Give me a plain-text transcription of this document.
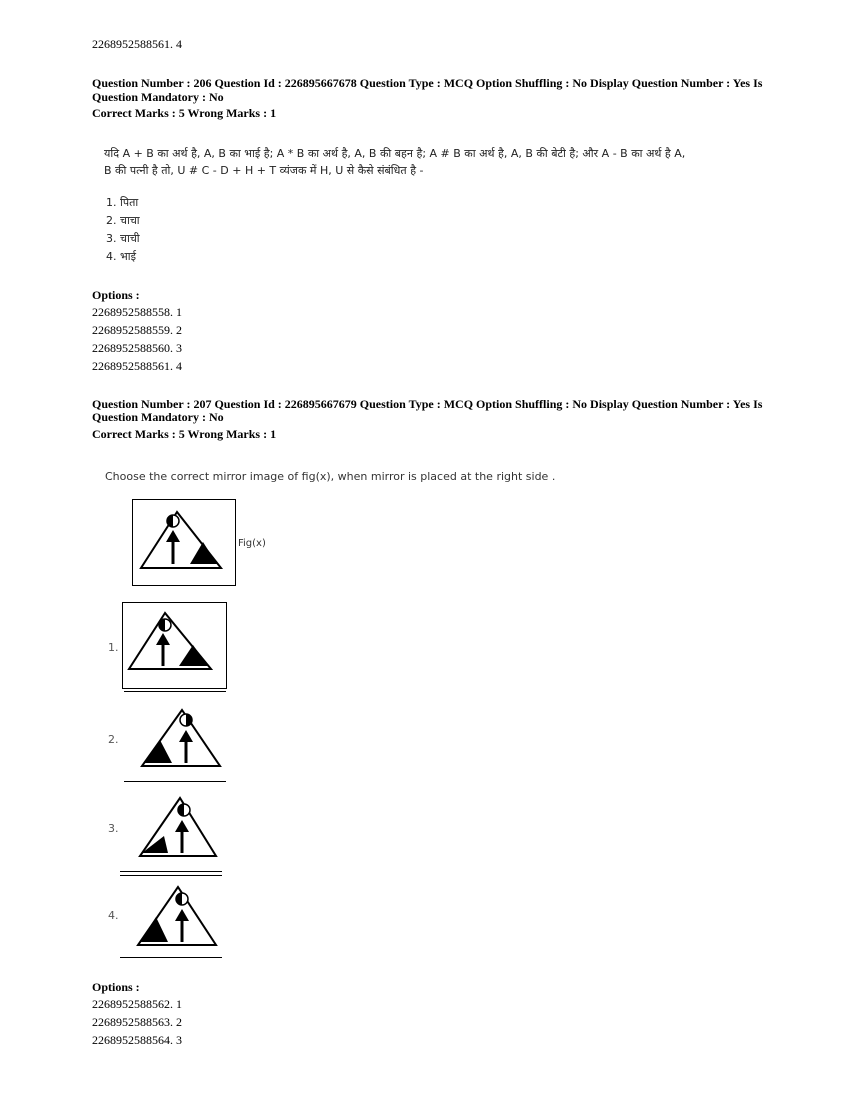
2268952588561. 4
Question Number : 206 Question Id : 226895667678 Question Type : MCQ Option Shuffling : No Display Question Number : Yes Is
Question Mandatory : No
Correct Marks : 5 Wrong Marks : 1
यदि A + B का अर्थ है, A, B का भाई है; A * B का अर्थ है, A, B की बहन है; A # B का अर्थ है, A, B की बेटी है; और A - B का अर्थ है A,
B की पत्नी है तो, U # C - D + H + T व्यंजक में H, U से कैसे संबंधित है -
1. पिता
2. चाचा
3. चाची
4. भाई
Options :
2268952588558. 1
2268952588559. 2
2268952588560. 3
2268952588561. 4
Question Number : 207 Question Id : 226895667679 Question Type : MCQ Option Shuffling : No Display Question Number : Yes Is
Question Mandatory : No
Correct Marks : 5 Wrong Marks : 1
Choose the correct mirror image of fig(x), when mirror is placed at the right side .
Fig(x)
1.
2.
3.
4.
Options :
2268952588562. 1
2268952588563. 2
2268952588564. 3
